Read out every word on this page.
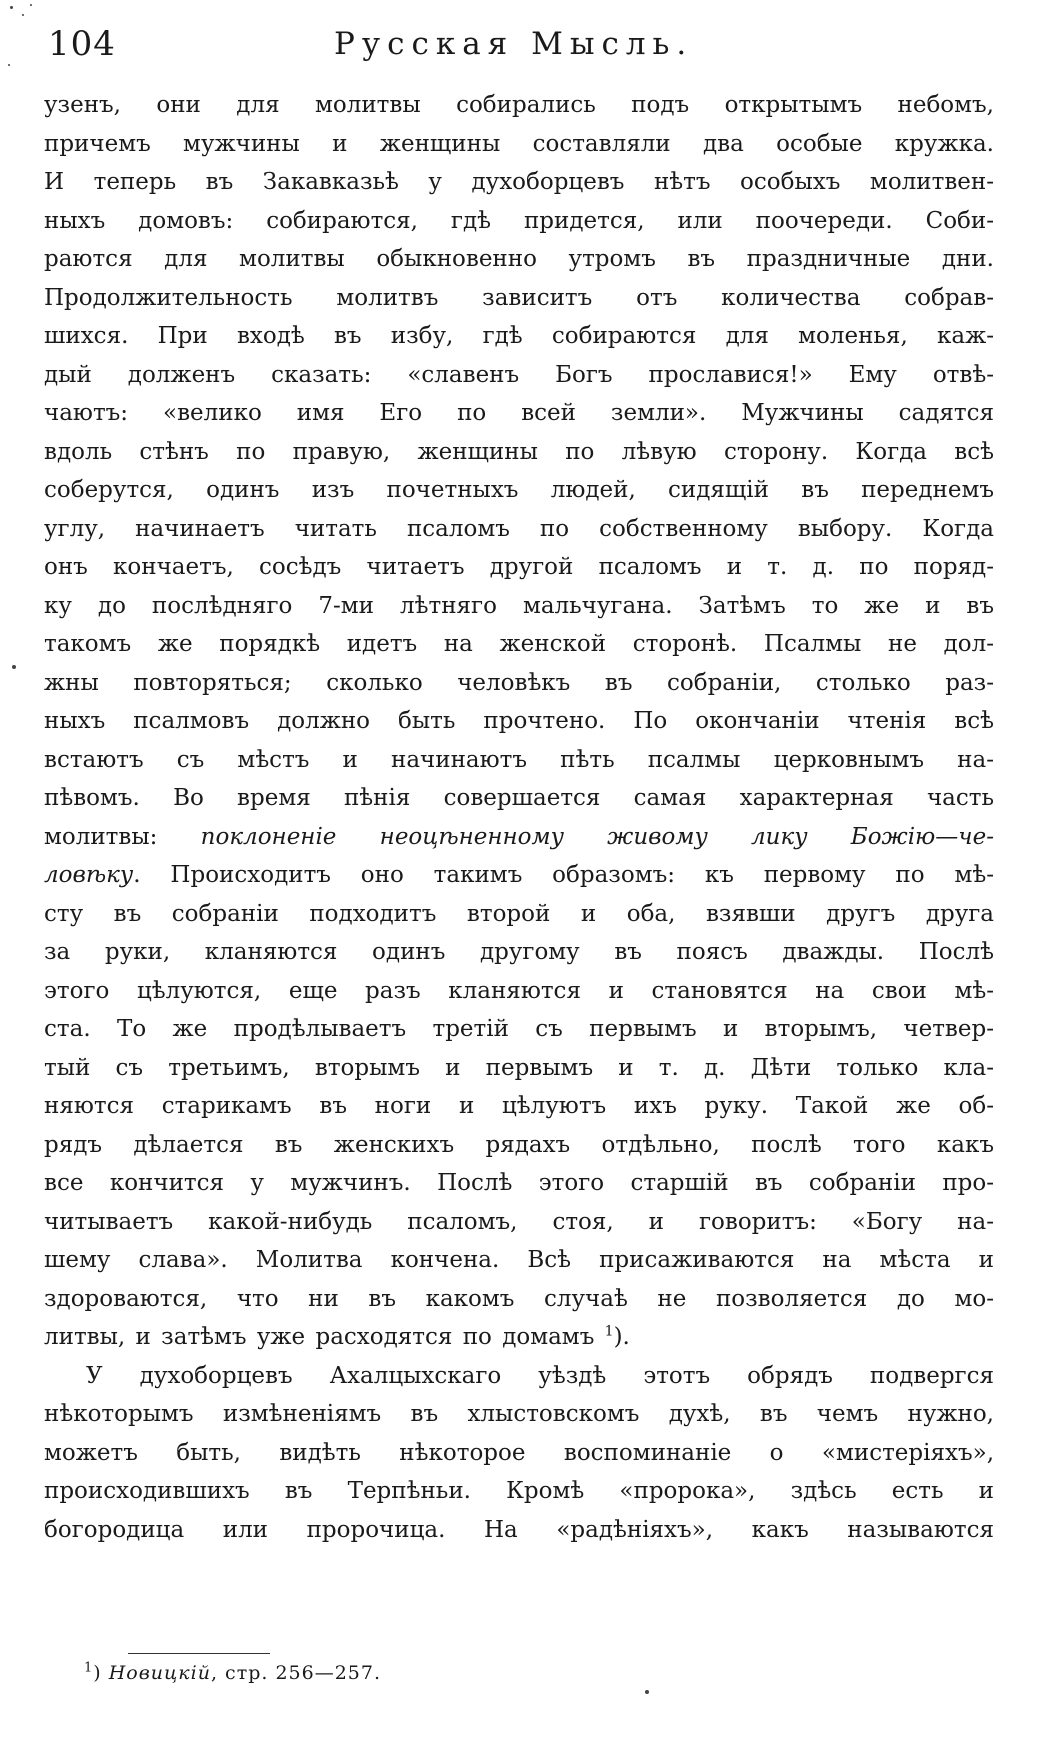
104	Русская Мысль.
узенъ, они для молитвы собирались подъ открытымъ небомъ,
причемъ мужчины и женщины составляли два особые кружка.
И теперь въ Закавказьѣ у духоборцевъ нѣтъ особыхъ молитвен-
ныхъ домовъ: собираются, гдѣ придется, или поочереди. Соби-
раются для молитвы обыкновенно утромъ въ праздничные дни.
Продолжительность молитвъ зависитъ отъ количества собрав-
шихся. При входѣ въ избу, гдѣ собираются для моленья, каж-
дый долженъ сказать: «славенъ Богъ прославися!» Ему отвѣ-
чаютъ: «велико имя Его по всей земли». Мужчины садятся
вдоль стѣнъ по правую, женщины по лѣвую сторону. Когда всѣ
соберутся, одинъ изъ почетныхъ людей, сидящій въ переднемъ
углу, начинаетъ читать псаломъ по собственному выбору. Когда
онъ кончаетъ, сосѣдъ читаетъ другой псаломъ и т. д. по поряд-
ку до послѣдняго 7-ми лѣтняго мальчугана. Затѣмъ то же и въ
такомъ же порядкѣ идетъ на женской сторонѣ. Псалмы не дол-
жны повторяться; сколько человѣкъ въ собраніи, столько раз-
ныхъ псалмовъ должно быть прочтено. По окончаніи чтенія всѣ
встаютъ съ мѣстъ и начинаютъ пѣть псалмы церковнымъ на-
пѣвомъ. Во время пѣнія совершается самая характерная часть
молитвы: поклоненіе неоцѣненному живому лику Божію—че-
ловѣку. Происходитъ оно такимъ образомъ: къ первому по мѣ-
сту въ собраніи подходитъ второй и оба, взявши другъ друга
за руки, кланяются одинъ другому въ поясъ дважды. Послѣ
этого цѣлуются, еще разъ кланяются и становятся на свои мѣ-
ста. То же продѣлываетъ третій съ первымъ и вторымъ, четвер-
тый съ третьимъ, вторымъ и первымъ и т. д. Дѣти только кла-
няются старикамъ въ ноги и цѣлуютъ ихъ руку. Такой же об-
рядъ дѣлается въ женскихъ рядахъ отдѣльно, послѣ того какъ
все кончится у мужчинъ. Послѣ этого старшій въ собраніи про-
читываетъ какой-нибудь псаломъ, стоя, и говоритъ: «Богу на-
шему слава». Молитва кончена. Всѣ присаживаются на мѣста и
здороваются, что ни въ какомъ случаѣ не позволяется до мо-
литвы, и затѣмъ уже расходятся по домамъ $^1$).
У духоборцевъ Ахалцыхскаго уѣздѣ этотъ обрядъ подвергся
нѣкоторымъ измѣненіямъ въ хлыстовскомъ духѣ, въ чемъ нужно,
можетъ быть, видѣть нѣкоторое воспоминаніе о «мистеріяхъ»,
происходившихъ въ Терпѣньи. Кромѣ «пророка», здѣсь есть и
богородица или пророчица. На «радѣніяхъ», какъ называются
$^1$) Новицкій, стр. 256—257.
